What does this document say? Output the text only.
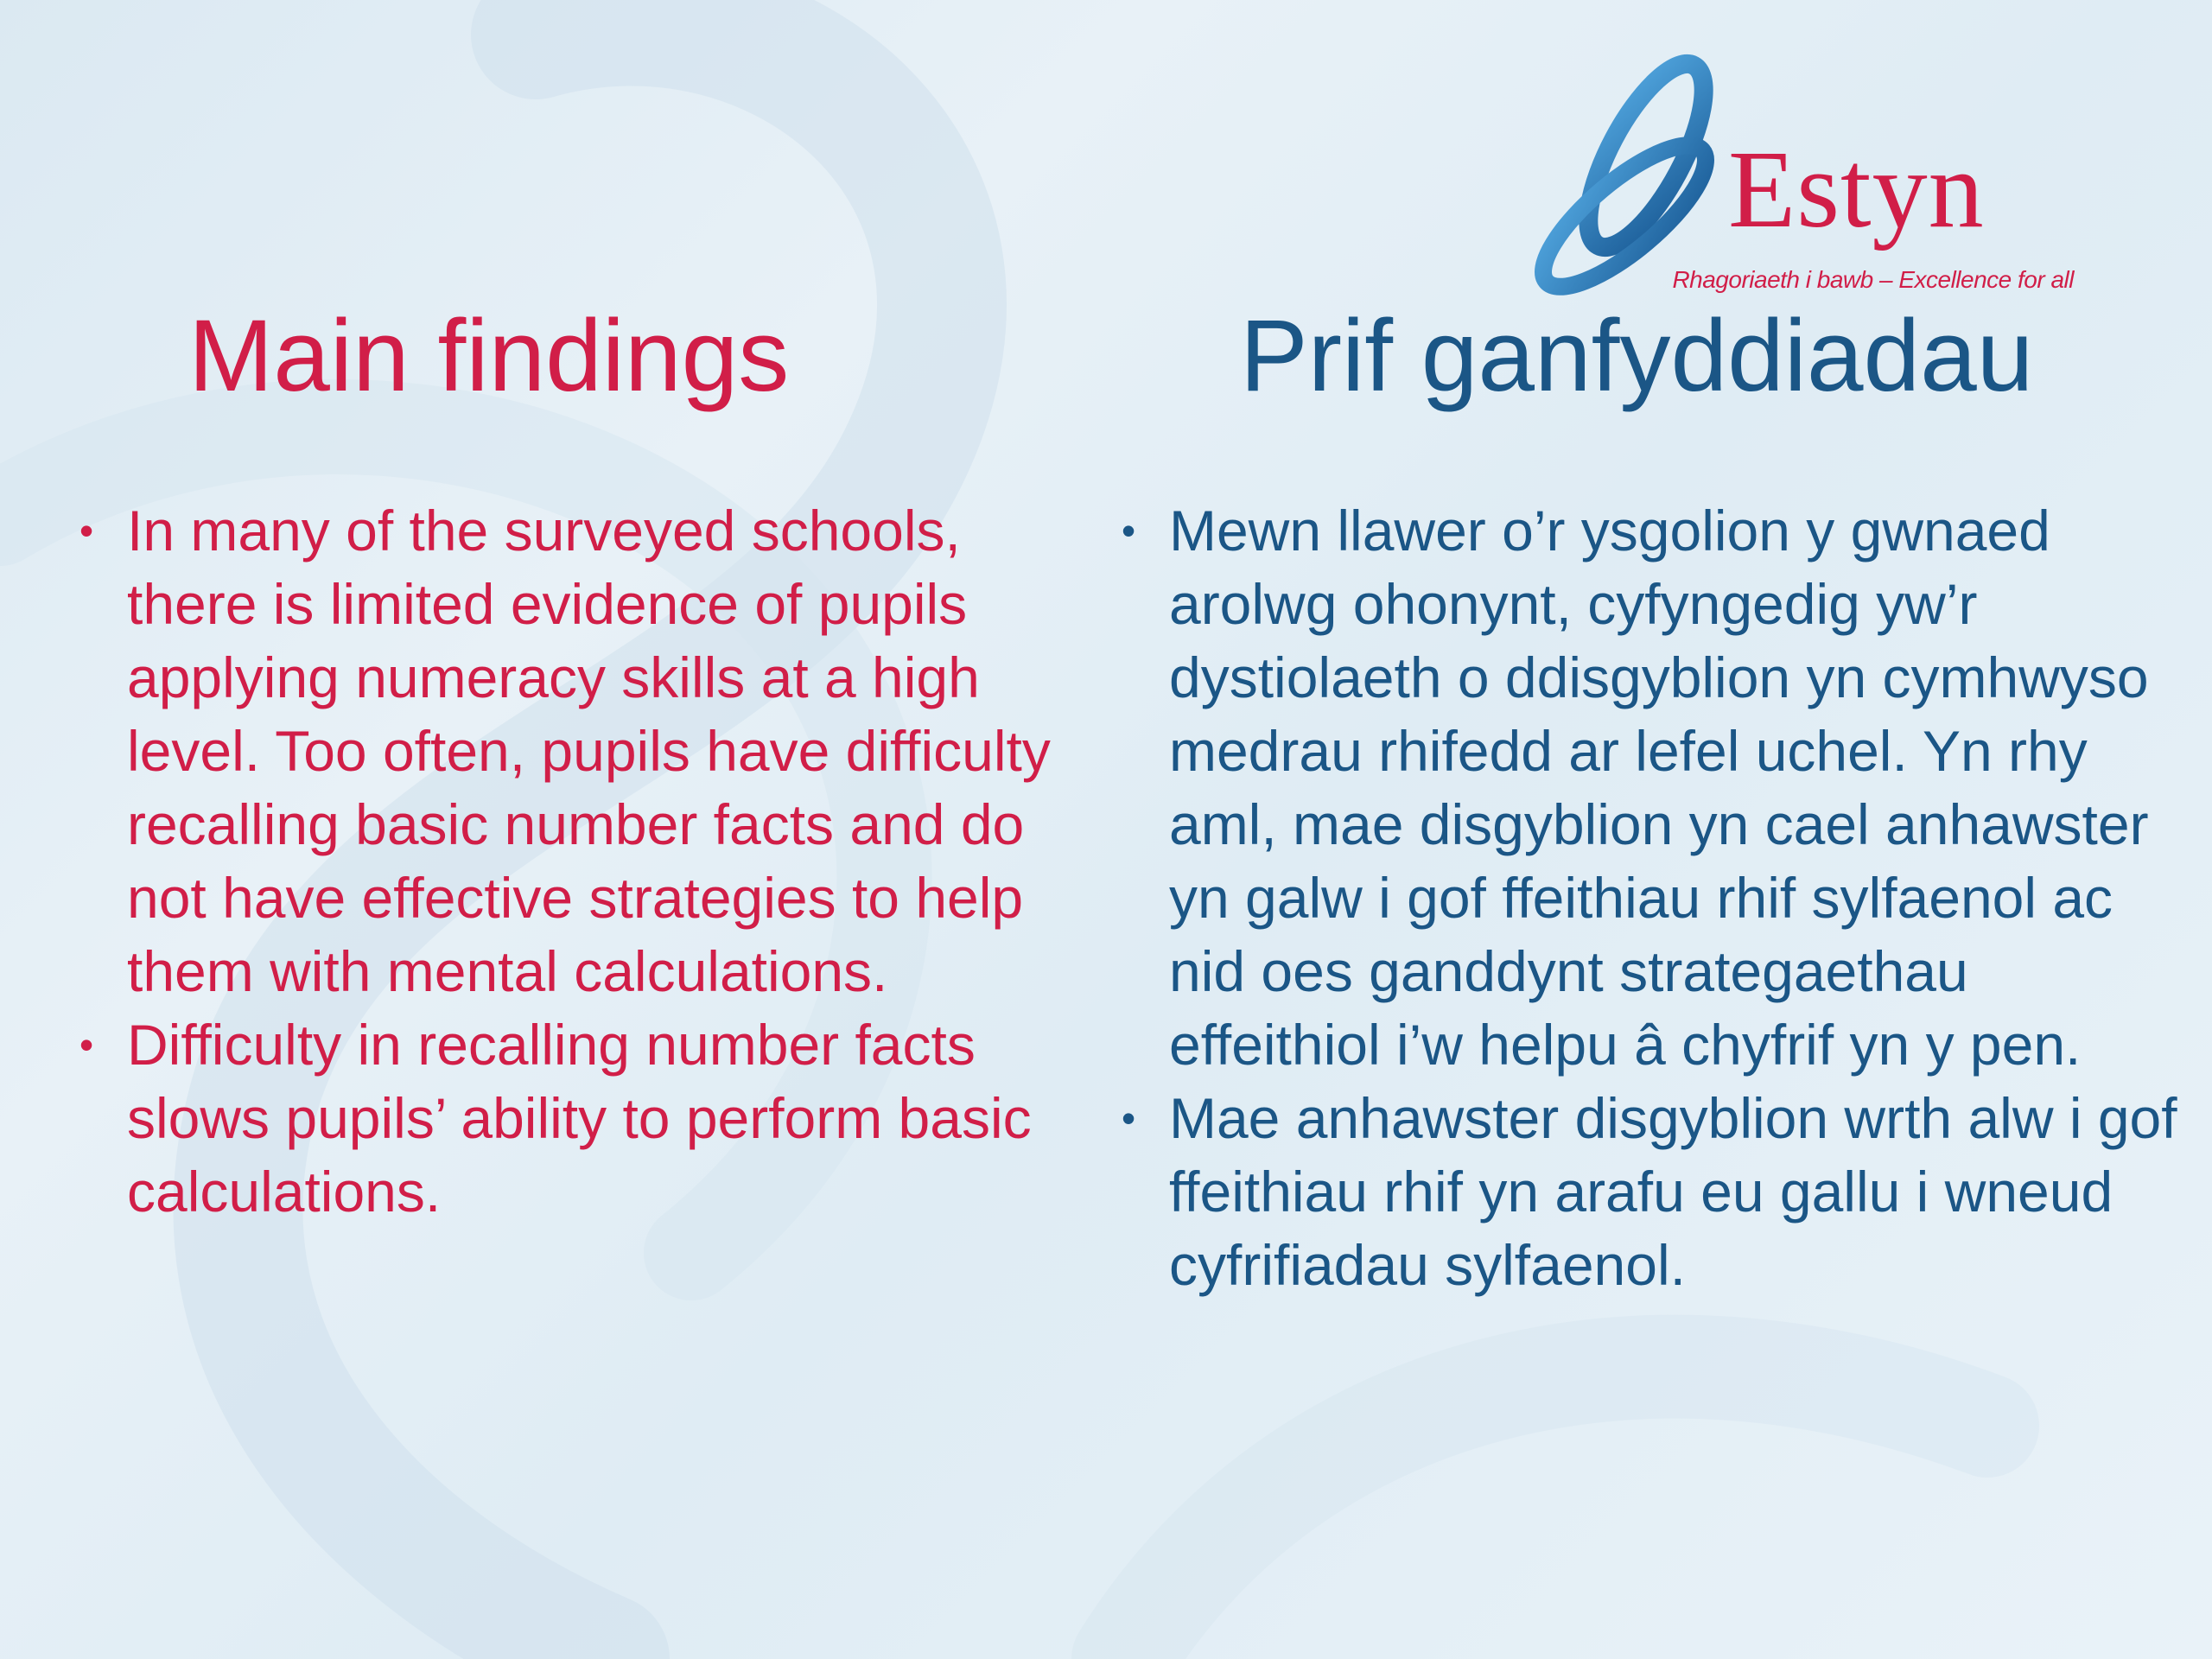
Estyn
Rhagoriaeth i bawb – Excellence for all
Main findings	Prif ganfyddiadau
• In many of the surveyed schools, there is limited evidence of pupils applying numeracy skills at a high level. Too often, pupils have difficulty recalling basic number facts and do not have effective strategies to help them with mental calculations.
• Difficulty in recalling number facts slows pupils’ ability to perform basic calculations.
• Mewn llawer o’r ysgolion y gwnaed arolwg ohonynt, cyfyngedig yw’r dystiolaeth o ddisgyblion yn cymhwyso medrau rhifedd ar lefel uchel. Yn rhy aml, mae disgyblion yn cael anhawster yn galw i gof ffeithiau rhif sylfaenol ac nid oes ganddynt strategaethau effeithiol i’w helpu â chyfrif yn y pen.
• Mae anhawster disgyblion wrth alw i gof ffeithiau rhif yn arafu eu gallu i wneud cyfrifiadau sylfaenol.
